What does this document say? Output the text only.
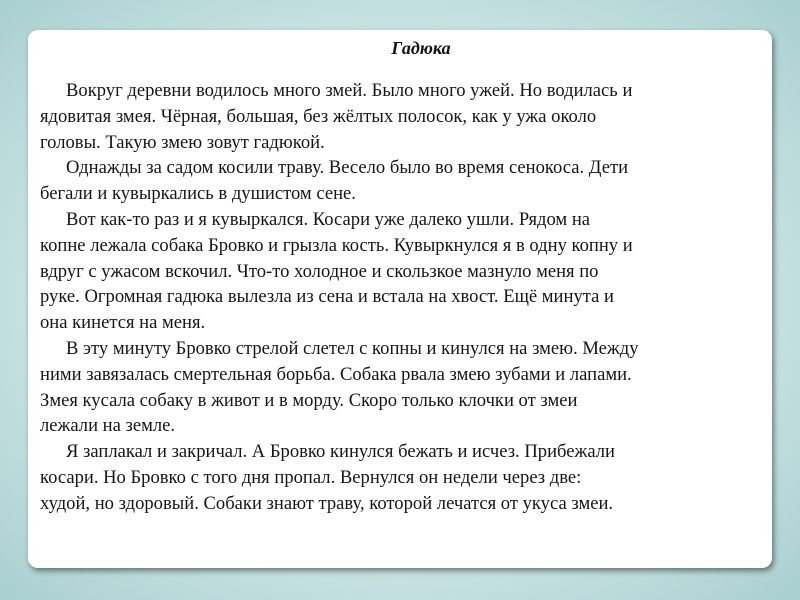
Гадюка
Вокруг деревни водилось много змей. Было много ужей. Но водилась и
ядовитая змея. Чёрная, большая, без жёлтых полосок, как у ужа около
головы. Такую змею зовут гадюкой.
Однажды за садом косили траву. Весело было во время сенокоса. Дети
бегали и кувыркались в душистом сене.
Вот как-то раз и я кувыркался. Косари уже далеко ушли. Рядом на
копне лежала собака Бровко и грызла кость. Кувыркнулся я в одну копну и
вдруг с ужасом вскочил. Что-то холодное и скользкое мазнуло меня по
руке. Огромная гадюка вылезла из сена и встала на хвост. Ещё минута и
она кинется на меня.
В эту минуту Бровко стрелой слетел с копны и кинулся на змею. Между
ними завязалась смертельная борьба. Собака рвала змею зубами и лапами.
Змея кусала собаку в живот и в морду. Скоро только клочки от змеи
лежали на земле.
Я заплакал и закричал. А Бровко кинулся бежать и исчез. Прибежали
косари. Но Бровко с того дня пропал. Вернулся он недели через две:
худой, но здоровый. Собаки знают траву, которой лечатся от укуса змеи.
